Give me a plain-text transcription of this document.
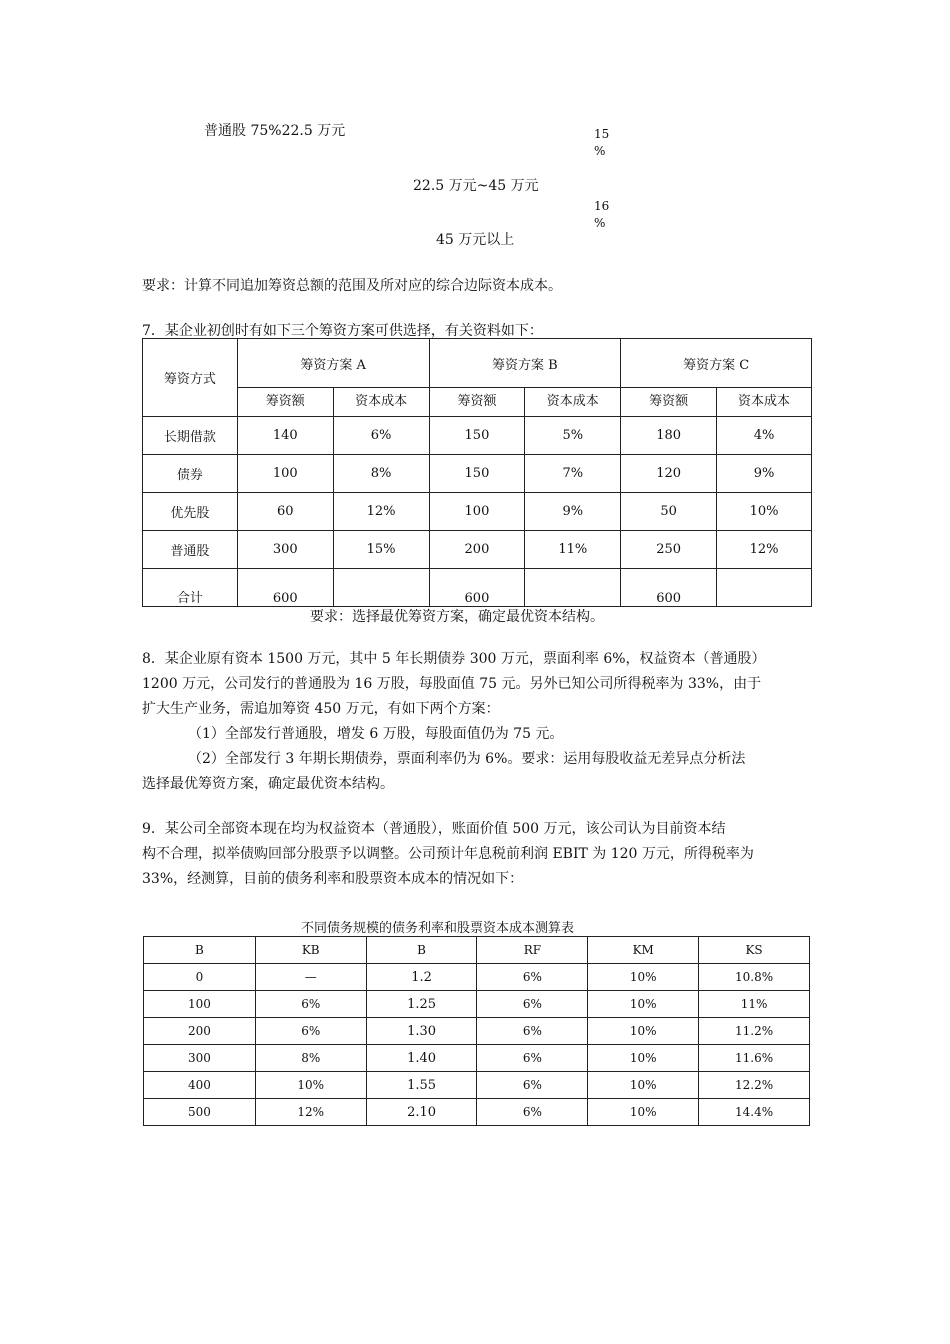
普通股 75%22.5 万元	15
%
22.5 万元~45 万元
16
%
45 万元以上
要求：计算不同追加筹资总额的范围及所对应的综合边际资本成本。
7．某企业初创时有如下三个筹资方案可供选择，有关资料如下：
筹资方式	筹资方案 A		筹资方案 B		筹资方案 C	
	筹资额	资本成本	筹资额	资本成本	筹资额	资本成本
长期借款	140	6%	150	5%	180	4%
债券	100	8%	150	7%	120	9%
优先股	60	12%	100	9%	50	10%
普通股	300	15%	200	11%	250	12%
合计	600		600		600	
要求：选择最优筹资方案，确定最优资本结构。
8．某企业原有资本 1500 万元，其中 5 年长期债券 300 万元，票面利率 6%，权益资本（普通股）
1200 万元，公司发行的普通股为 16 万股，每股面值 75 元。另外已知公司所得税率为 33%，由于
扩大生产业务，需追加筹资 450 万元，有如下两个方案：
（1）全部发行普通股，增发 6 万股，每股面值仍为 75 元。
（2）全部发行 3 年期长期债券，票面利率仍为 6%。要求：运用每股收益无差异点分析法
选择最优筹资方案，确定最优资本结构。
9．某公司全部资本现在均为权益资本（普通股），账面价值 500 万元，该公司认为目前资本结
构不合理，拟举债购回部分股票予以调整。公司预计年息税前利润 EBIT 为 120 万元，所得税率为
33%，经测算，目前的债务利率和股票资本成本的情况如下：
不同债务规模的债务利率和股票资本成本测算表
B	KB	B	RF	KM	KS
0	—	1.2	6%	10%	10.8%
100	6%	1.25	6%	10%	11%
200	6%	1.30	6%	10%	11.2%
300	8%	1.40	6%	10%	11.6%
400	10%	1.55	6%	10%	12.2%
500	12%	2.10	6%	10%	14.4%
